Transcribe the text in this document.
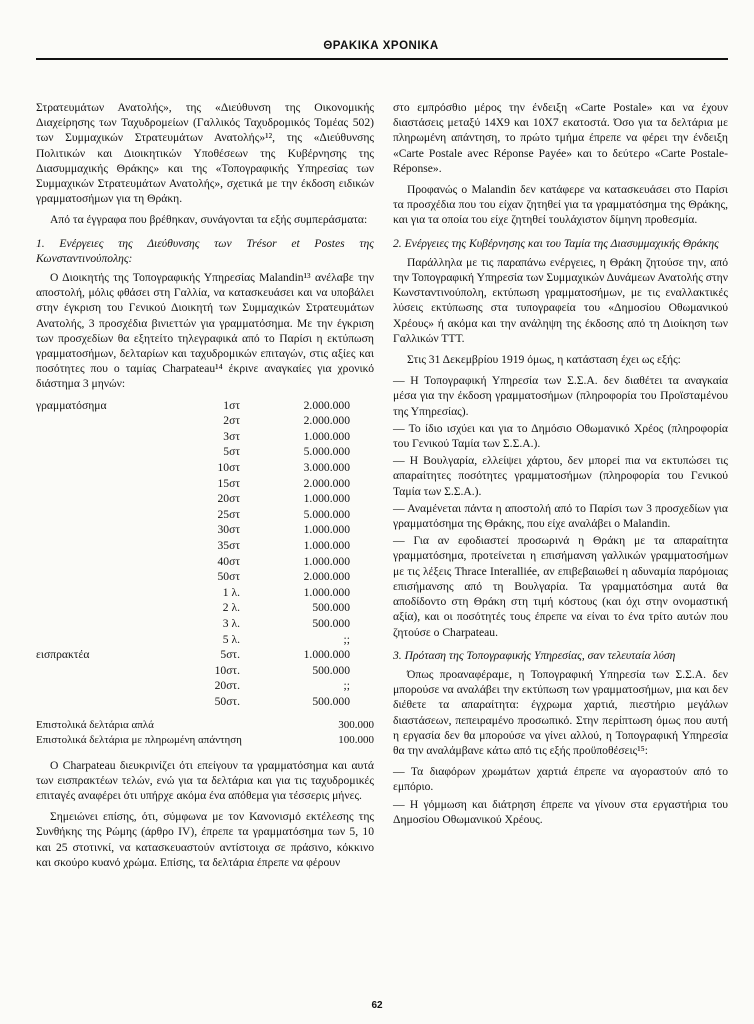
ΘΡΑΚΙΚΑ ΧΡΟΝΙΚΑ

Στρατευμάτων Ανατολής», της «Διεύθυνση της Οικονομικής Διαχείρησης των Ταχυδρομείων (Γαλλικός Ταχυδρομικός Τομέας 502) των Συμμαχικών Στρατευμάτων Ανατολής»¹², της «Διεύθυνσης Πολιτικών και Διοικητικών Υποθέσεων της Κυβέρνησης της Διασυμμαχικής Θράκης» και της «Τοπογραφικής Υπηρεσίας των Συμμαχικών Στρατευμάτων Ανατολής», σχετικά με την έκδοση ειδικών γραμματοσήμων για τη Θράκη.

Από τα έγγραφα που βρέθηκαν, συνάγονται τα εξής συμπεράσματα:

1. Ενέργειες της Διεύθυνσης των Trésor et Postes της Κωνσταντινούπολης:

Ο Διοικητής της Τοπογραφικής Υπηρεσίας Malandin¹³ ανέλαβε την αποστολή, μόλις φθάσει στη Γαλλία, να κατασκευάσει και να υποβάλει στην έγκριση του Γενικού Διοικητή των Συμμαχικών Στρατευμάτων Ανατολής, 3 προσχέδια βινιεττών για γραμματόσημα. Με την έγκριση των προσχεδίων θα εξητείτο τηλεγραφικά από το Παρίσι η εκτύπωση γραμματοσήμων, δελταρίων και ταχυδρομικών επιταγών, στις αξίες και ποσότητες που ο ταμίας Charpateau¹⁴ έκρινε αναγκαίες για χρονικό διάστημα 3 μηνών:

γραμματόσημα	1στ	2.000.000
	2στ	2.000.000
	3στ	1.000.000
	5στ	5.000.000
	10στ	3.000.000
	15στ	2.000.000
	20στ	1.000.000
	25στ	5.000.000
	30στ	1.000.000
	35στ	1.000.000
	40στ	1.000.000
	50στ	2.000.000
	1 λ.	1.000.000
	2 λ.	500.000
	3 λ.	500.000
	5 λ.	;;
εισπρακτέα	5στ.	1.000.000
	10στ.	500.000
	20στ.	;;
	50στ.	500.000
Επιστολικά δελτάρια απλά	300.000
Επιστολικά δελτάρια με πληρωμένη απάντηση	100.000

Ο Charpateau διευκρινίζει ότι επείγουν τα γραμματόσημα και αυτά των εισπρακτέων τελών, ενώ για τα δελτάρια και για τις ταχυδρομικές επιταγές αναφέρει ότι υπήρχε ακόμα ένα απόθεμα για τέσσερις μήνες.

Σημειώνει επίσης, ότι, σύμφωνα με τον Κανονισμό εκτέλεσης της Συνθήκης της Ρώμης (άρθρο IV), έπρεπε τα γραμματόσημα των 5, 10 και 25 στοτινκί, να κατασκευαστούν αντίστοιχα σε πράσινο, κόκκινο και σκούρο κυανό χρώμα. Επίσης, τα δελτάρια έπρεπε να φέρουν

στο εμπρόσθιο μέρος την ένδειξη «Carte Postale» και να έχουν διαστάσεις μεταξύ 14Χ9 και 10Χ7 εκατοστά. Όσο για τα δελτάρια με πληρωμένη απάντηση, το πρώτο τμήμα έπρεπε να φέρει την ένδειξη «Carte Postale avec Réponse Payée» και το δεύτερο «Carte Postale-Réponse».

Προφανώς ο Malandin δεν κατάφερε να κατασκευάσει στο Παρίσι τα προσχέδια που του είχαν ζητηθεί για τα γραμματόσημα της Θράκης, και για τα οποία του είχε ζητηθεί τουλάχιστον δίμηνη προθεσμία.

2. Ενέργειες της Κυβέρνησης και του Ταμία της Διασυμμαχικής Θράκης

Παράλληλα με τις παραπάνω ενέργειες, η Θράκη ζητούσε την, από την Τοπογραφική Υπηρεσία των Συμμαχικών Δυνάμεων Ανατολής στην Κωνσταντινούπολη, εκτύπωση γραμματοσήμων, με τις εναλλακτικές λύσεις εκτύπωσης στα τυπογραφεία του «Δημοσίου Οθωμανικού Χρέους» ή ακόμα και την ανάληψη της έκδοσης από τη Διοίκηση των Γαλλικών ΤΤΤ.

Στις 31 Δεκεμβρίου 1919 όμως, η κατάσταση έχει ως εξής:

— Η Τοπογραφική Υπηρεσία των Σ.Σ.Α. δεν διαθέτει τα αναγκαία μέσα για την έκδοση γραμματοσήμων (πληροφορία του Προϊσταμένου της Υπηρεσίας).

— Το ίδιο ισχύει και για το Δημόσιο Οθωμανικό Χρέος (πληροφορία του Γενικού Ταμία των Σ.Σ.Α.).

— Η Βουλγαρία, ελλείψει χάρτου, δεν μπορεί πια να εκτυπώσει τις απαραίτητες ποσότητες γραμματοσήμων (πληροφορία του Γενικού Ταμία των Σ.Σ.Α.).

— Αναμένεται πάντα η αποστολή από το Παρίσι των 3 προσχεδίων για γραμματόσημα της Θράκης, που είχε αναλάβει ο Malandin.

— Για αν εφοδιαστεί προσωρινά η Θράκη με τα απαραίτητα γραμματόσημα, προτείνεται η επισήμανση γαλλικών γραμματοσήμων με τις λέξεις Thrace Interalliée, αν επιβεβαιωθεί η αδυναμία παρόμοιας επισήμανσης από τη Βουλγαρία. Τα γραμματόσημα αυτά θα αποδίδοντο στη Θράκη στη τιμή κόστους (και όχι στην ονομαστική αξία), και οι ποσότητές τους έπρεπε να είναι το ένα τρίτο αυτών που ζητούσε ο Charpateau.

3. Πρόταση της Τοπογραφικής Υπηρεσίας, σαν τελευταία λύση

Όπως προαναφέραμε, η Τοπογραφική Υπηρεσία των Σ.Σ.Α. δεν μπορούσε να αναλάβει την εκτύπωση των γραμματοσήμων, μια και δεν διέθετε τα απαραίτητα: έγχρωμα χαρτιά, πιεστήριο μεγάλων διαστάσεων, πεπειραμένο προσωπικό. Στην περίπτωση όμως που αυτή η εργασία δεν θα μπορούσε να γίνει αλλού, η Τοπογραφική Υπηρεσία θα την αναλάμβανε κάτω από τις εξής προϋποθέσεις¹⁵:

— Τα διαφόρων χρωμάτων χαρτιά έπρεπε να αγοραστούν από το εμπόριο.

— Η γόμμωση και διάτρηση έπρεπε να γίνουν στα εργαστήρια του Δημοσίου Οθωμανικού Χρέους.

62
